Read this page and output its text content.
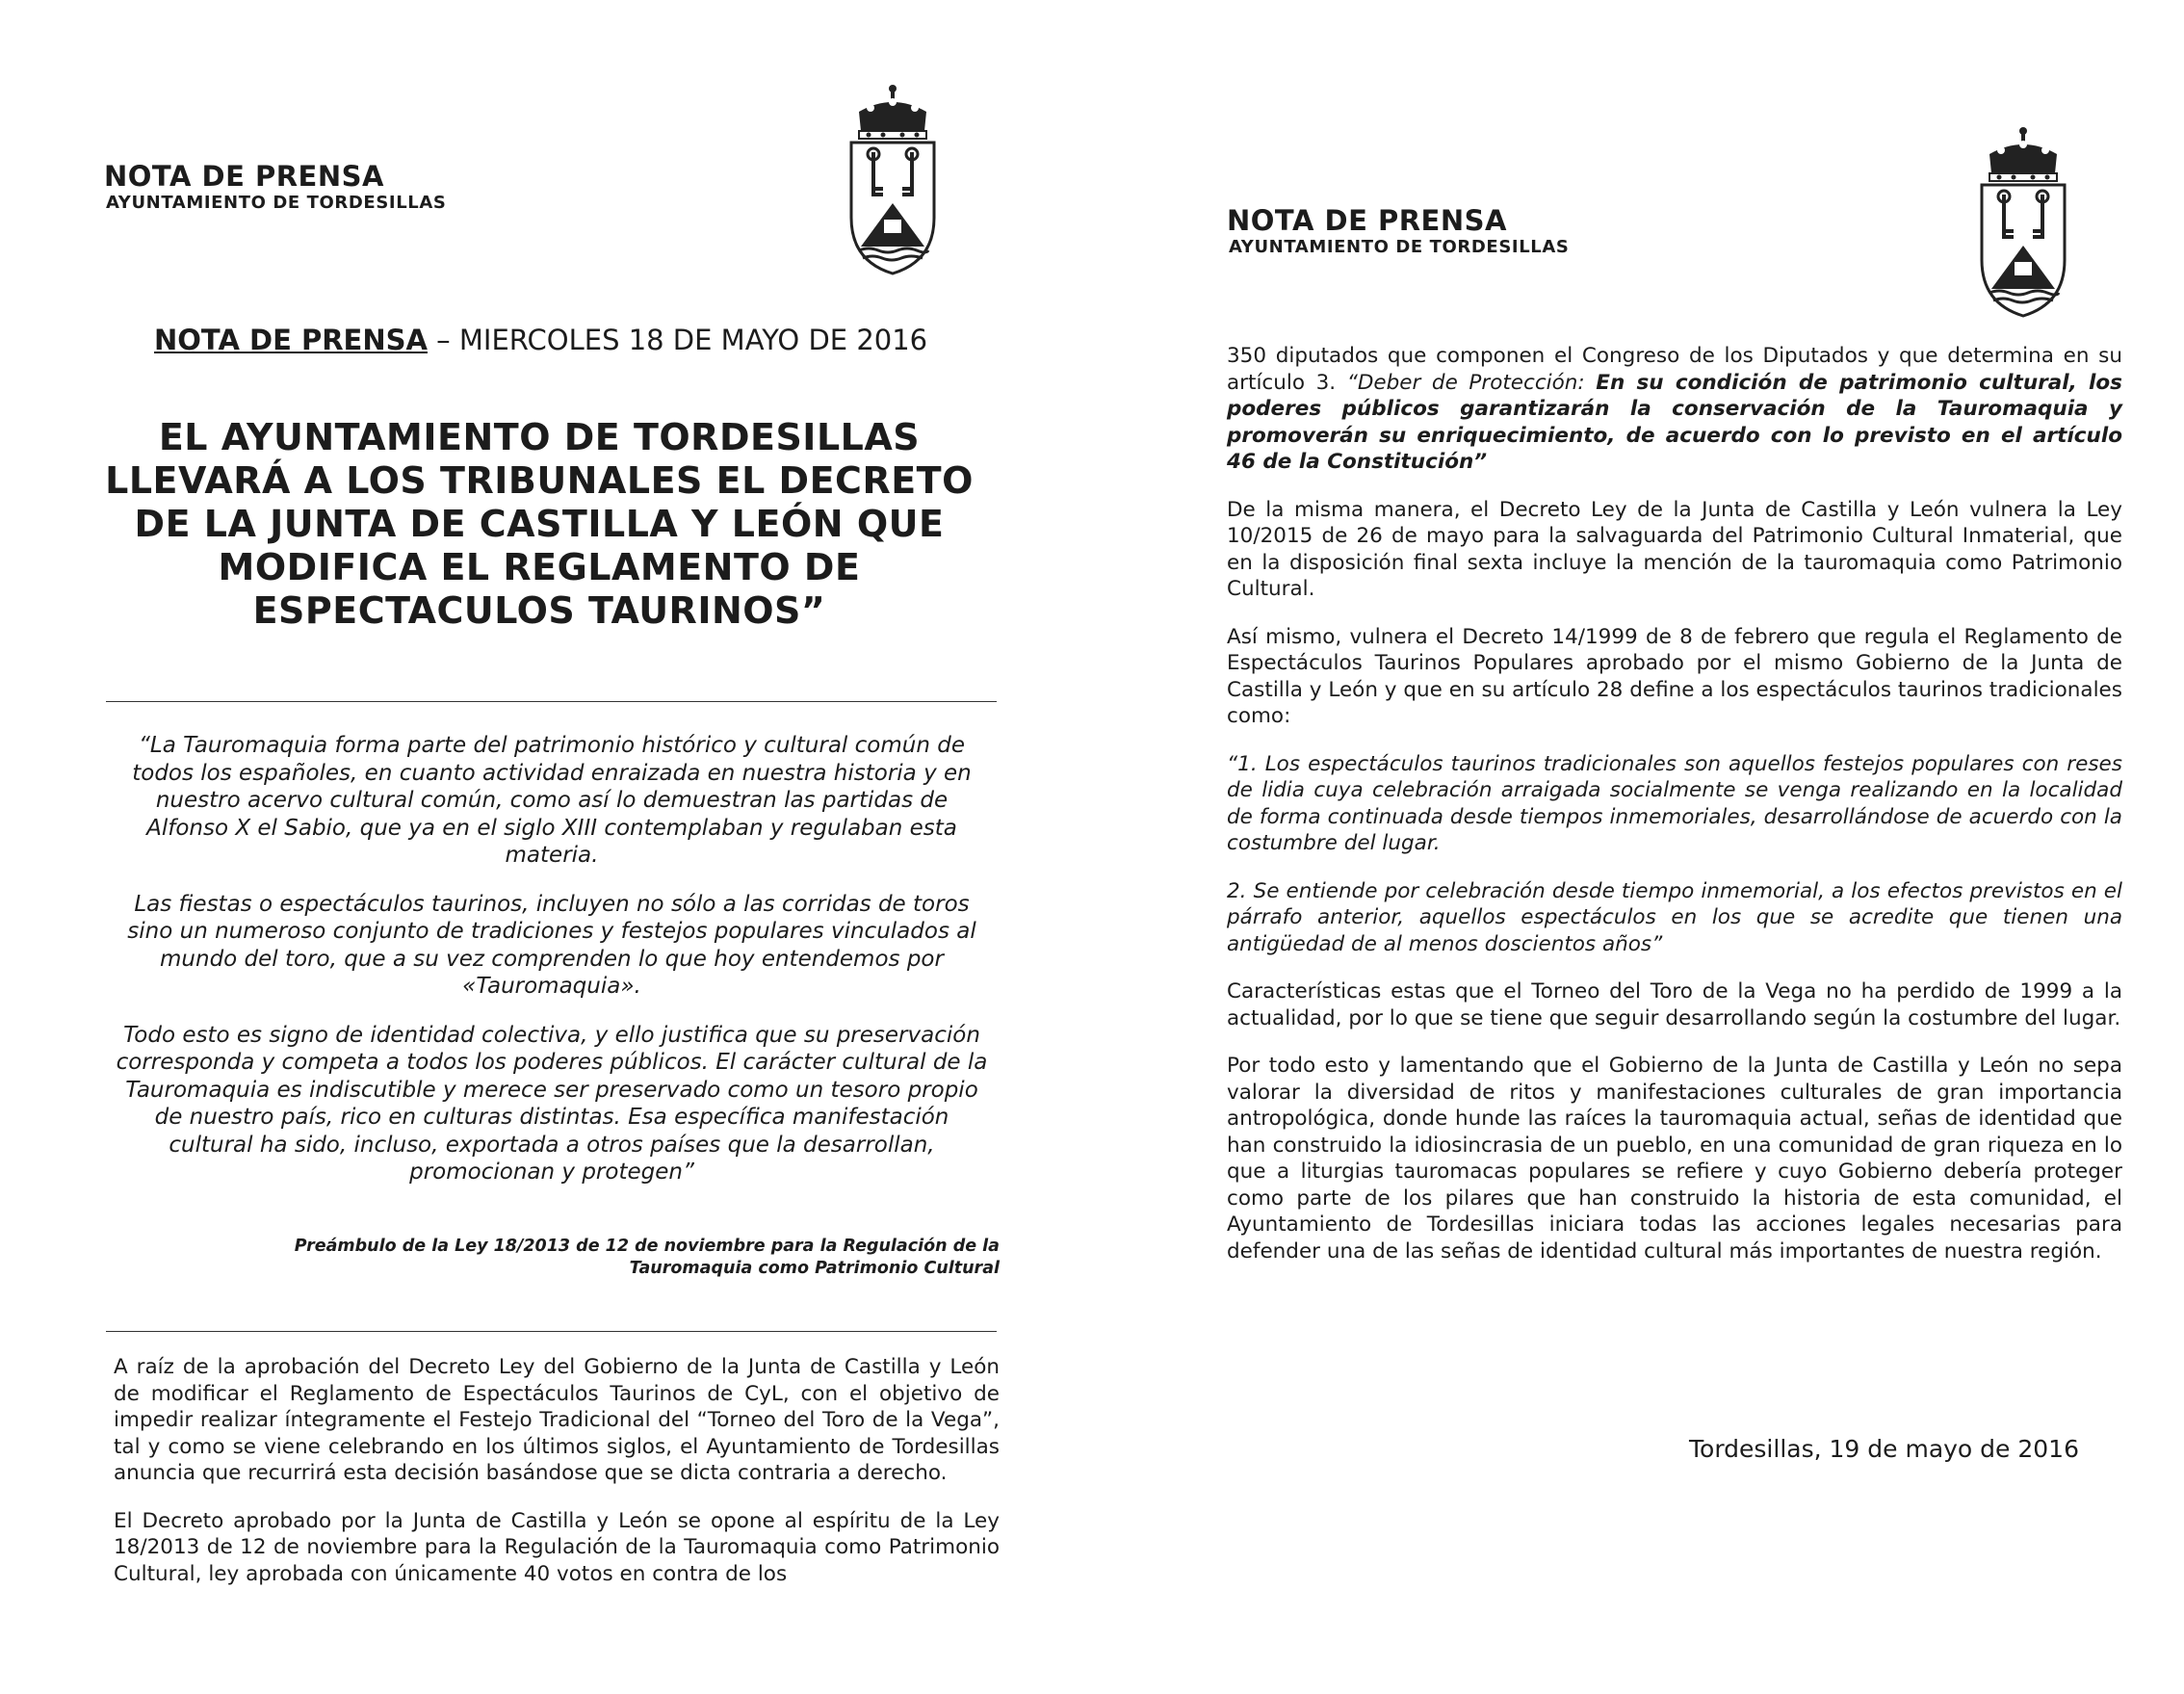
NOTA DE PRENSA
AYUNTAMIENTO DE TORDESILLAS
NOTA DE PRENSA – MIERCOLES 18 DE MAYO DE 2016
EL AYUNTAMIENTO DE TORDESILLAS
LLEVARÁ A LOS TRIBUNALES EL DECRETO
DE LA JUNTA DE CASTILLA Y LEÓN QUE
MODIFICA EL REGLAMENTO DE
ESPECTACULOS TAURINOS”

“La Tauromaquia forma parte del patrimonio histórico y cultural común de todos los españoles, en cuanto actividad enraizada en nuestra historia y en nuestro acervo cultural común, como así lo demuestran las partidas de Alfonso X el Sabio, que ya en el siglo XIII contemplaban y regulaban esta materia.

Las fiestas o espectáculos taurinos, incluyen no sólo a las corridas de toros sino un numeroso conjunto de tradiciones y festejos populares vinculados al mundo del toro, que a su vez comprenden lo que hoy entendemos por «Tauromaquia».

Todo esto es signo de identidad colectiva, y ello justifica que su preservación corresponda y competa a todos los poderes públicos. El carácter cultural de la Tauromaquia es indiscutible y merece ser preservado como un tesoro propio de nuestro país, rico en culturas distintas. Esa específica manifestación cultural ha sido, incluso, exportada a otros países que la desarrollan, promocionan y protegen”

Preámbulo de la Ley 18/2013 de 12 de noviembre para la Regulación de la
Tauromaquia como Patrimonio Cultural

A raíz de la aprobación del Decreto Ley del Gobierno de la Junta de Castilla y León de modificar el Reglamento de Espectáculos Taurinos de CyL, con el objetivo de impedir realizar íntegramente el Festejo Tradicional del “Torneo del Toro de la Vega”, tal y como se viene celebrando en los últimos siglos, el Ayuntamiento de Tordesillas anuncia que recurrirá esta decisión basándose que se dicta contraria a derecho.

El Decreto aprobado por la Junta de Castilla y León se opone al espíritu de la Ley 18/2013 de 12 de noviembre para la Regulación de la Tauromaquia como Patrimonio Cultural, ley aprobada con únicamente 40 votos en contra de los

NOTA DE PRENSA
AYUNTAMIENTO DE TORDESILLAS

350 diputados que componen el Congreso de los Diputados y que determina en su artículo 3. “Deber de Protección: En su condición de patrimonio cultural, los poderes públicos garantizarán la conservación de la Tauromaquia y promoverán su enriquecimiento, de acuerdo con lo previsto en el artículo 46 de la Constitución”

De la misma manera, el Decreto Ley de la Junta de Castilla y León vulnera la Ley 10/2015 de 26 de mayo para la salvaguarda del Patrimonio Cultural Inmaterial, que en la disposición final sexta incluye la mención de la tauromaquia como Patrimonio Cultural.

Así mismo, vulnera el Decreto 14/1999 de 8 de febrero que regula el Reglamento de Espectáculos Taurinos Populares aprobado por el mismo Gobierno de la Junta de Castilla y León y que en su artículo 28 define a los espectáculos taurinos tradicionales como:

“1. Los espectáculos taurinos tradicionales son aquellos festejos populares con reses de lidia cuya celebración arraigada socialmente se venga realizando en la localidad de forma continuada desde tiempos inmemoriales, desarrollándose de acuerdo con la costumbre del lugar.

2. Se entiende por celebración desde tiempo inmemorial, a los efectos previstos en el párrafo anterior, aquellos espectáculos en los que se acredite que tienen una antigüedad de al menos doscientos años”

Características estas que el Torneo del Toro de la Vega no ha perdido de 1999 a la actualidad, por lo que se tiene que seguir desarrollando según la costumbre del lugar.

Por todo esto y lamentando que el Gobierno de la Junta de Castilla y León no sepa valorar la diversidad de ritos y manifestaciones culturales de gran importancia antropológica, donde hunde las raíces la tauromaquia actual, señas de identidad que han construido la idiosincrasia de un pueblo, en una comunidad de gran riqueza en lo que a liturgias tauromacas populares se refiere y cuyo Gobierno debería proteger como parte de los pilares que han construido la historia de esta comunidad, el Ayuntamiento de Tordesillas iniciara todas las acciones legales necesarias para defender una de las señas de identidad cultural más importantes de nuestra región.

Tordesillas, 19 de mayo de 2016
